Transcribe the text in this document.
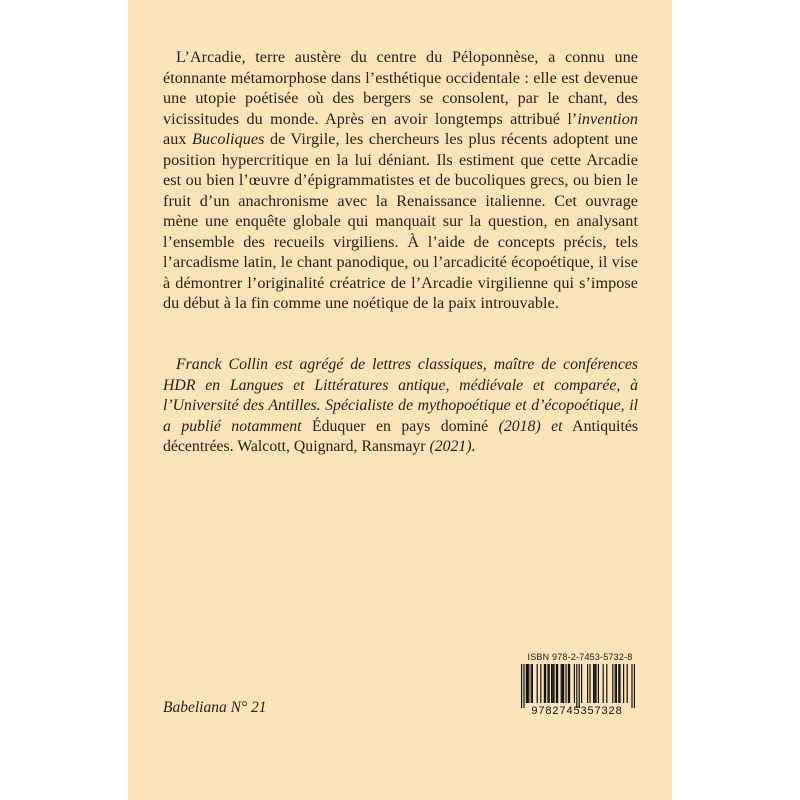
L’Arcadie, terre austère du centre du Péloponnèse, a connu une étonnante métamorphose dans l’esthétique occidentale : elle est devenue une utopie poétisée où des bergers se consolent, par le chant, des vicissitudes du monde. Après en avoir longtemps attribué l’invention aux Bucoliques de Virgile, les chercheurs les plus récents adoptent une position hypercritique en la lui déniant. Ils estiment que cette Arcadie est ou bien l’œuvre d’épigrammatistes et de bucoliques grecs, ou bien le fruit d’un anachronisme avec la Renaissance italienne. Cet ouvrage mène une enquête globale qui manquait sur la question, en analysant l’ensemble des recueils virgiliens. À l’aide de concepts précis, tels l’arcadisme latin, le chant panodique, ou l’arcadicité écopoétique, il vise à démontrer l’originalité créatrice de l’Arcadie virgilienne qui s’impose du début à la fin comme une noétique de la paix introuvable.

Franck Collin est agrégé de lettres classiques, maître de conférences HDR en Langues et Littératures antique, médiévale et comparée, à l’Université des Antilles. Spécialiste de mythopoétique et d’écopoétique, il a publié notamment Éduquer en pays dominé (2018) et Antiquités décentrées. Walcott, Quignard, Ransmayr (2021).

Babeliana N° 21
ISBN 978-2-7453-5732-8
9782745357328
